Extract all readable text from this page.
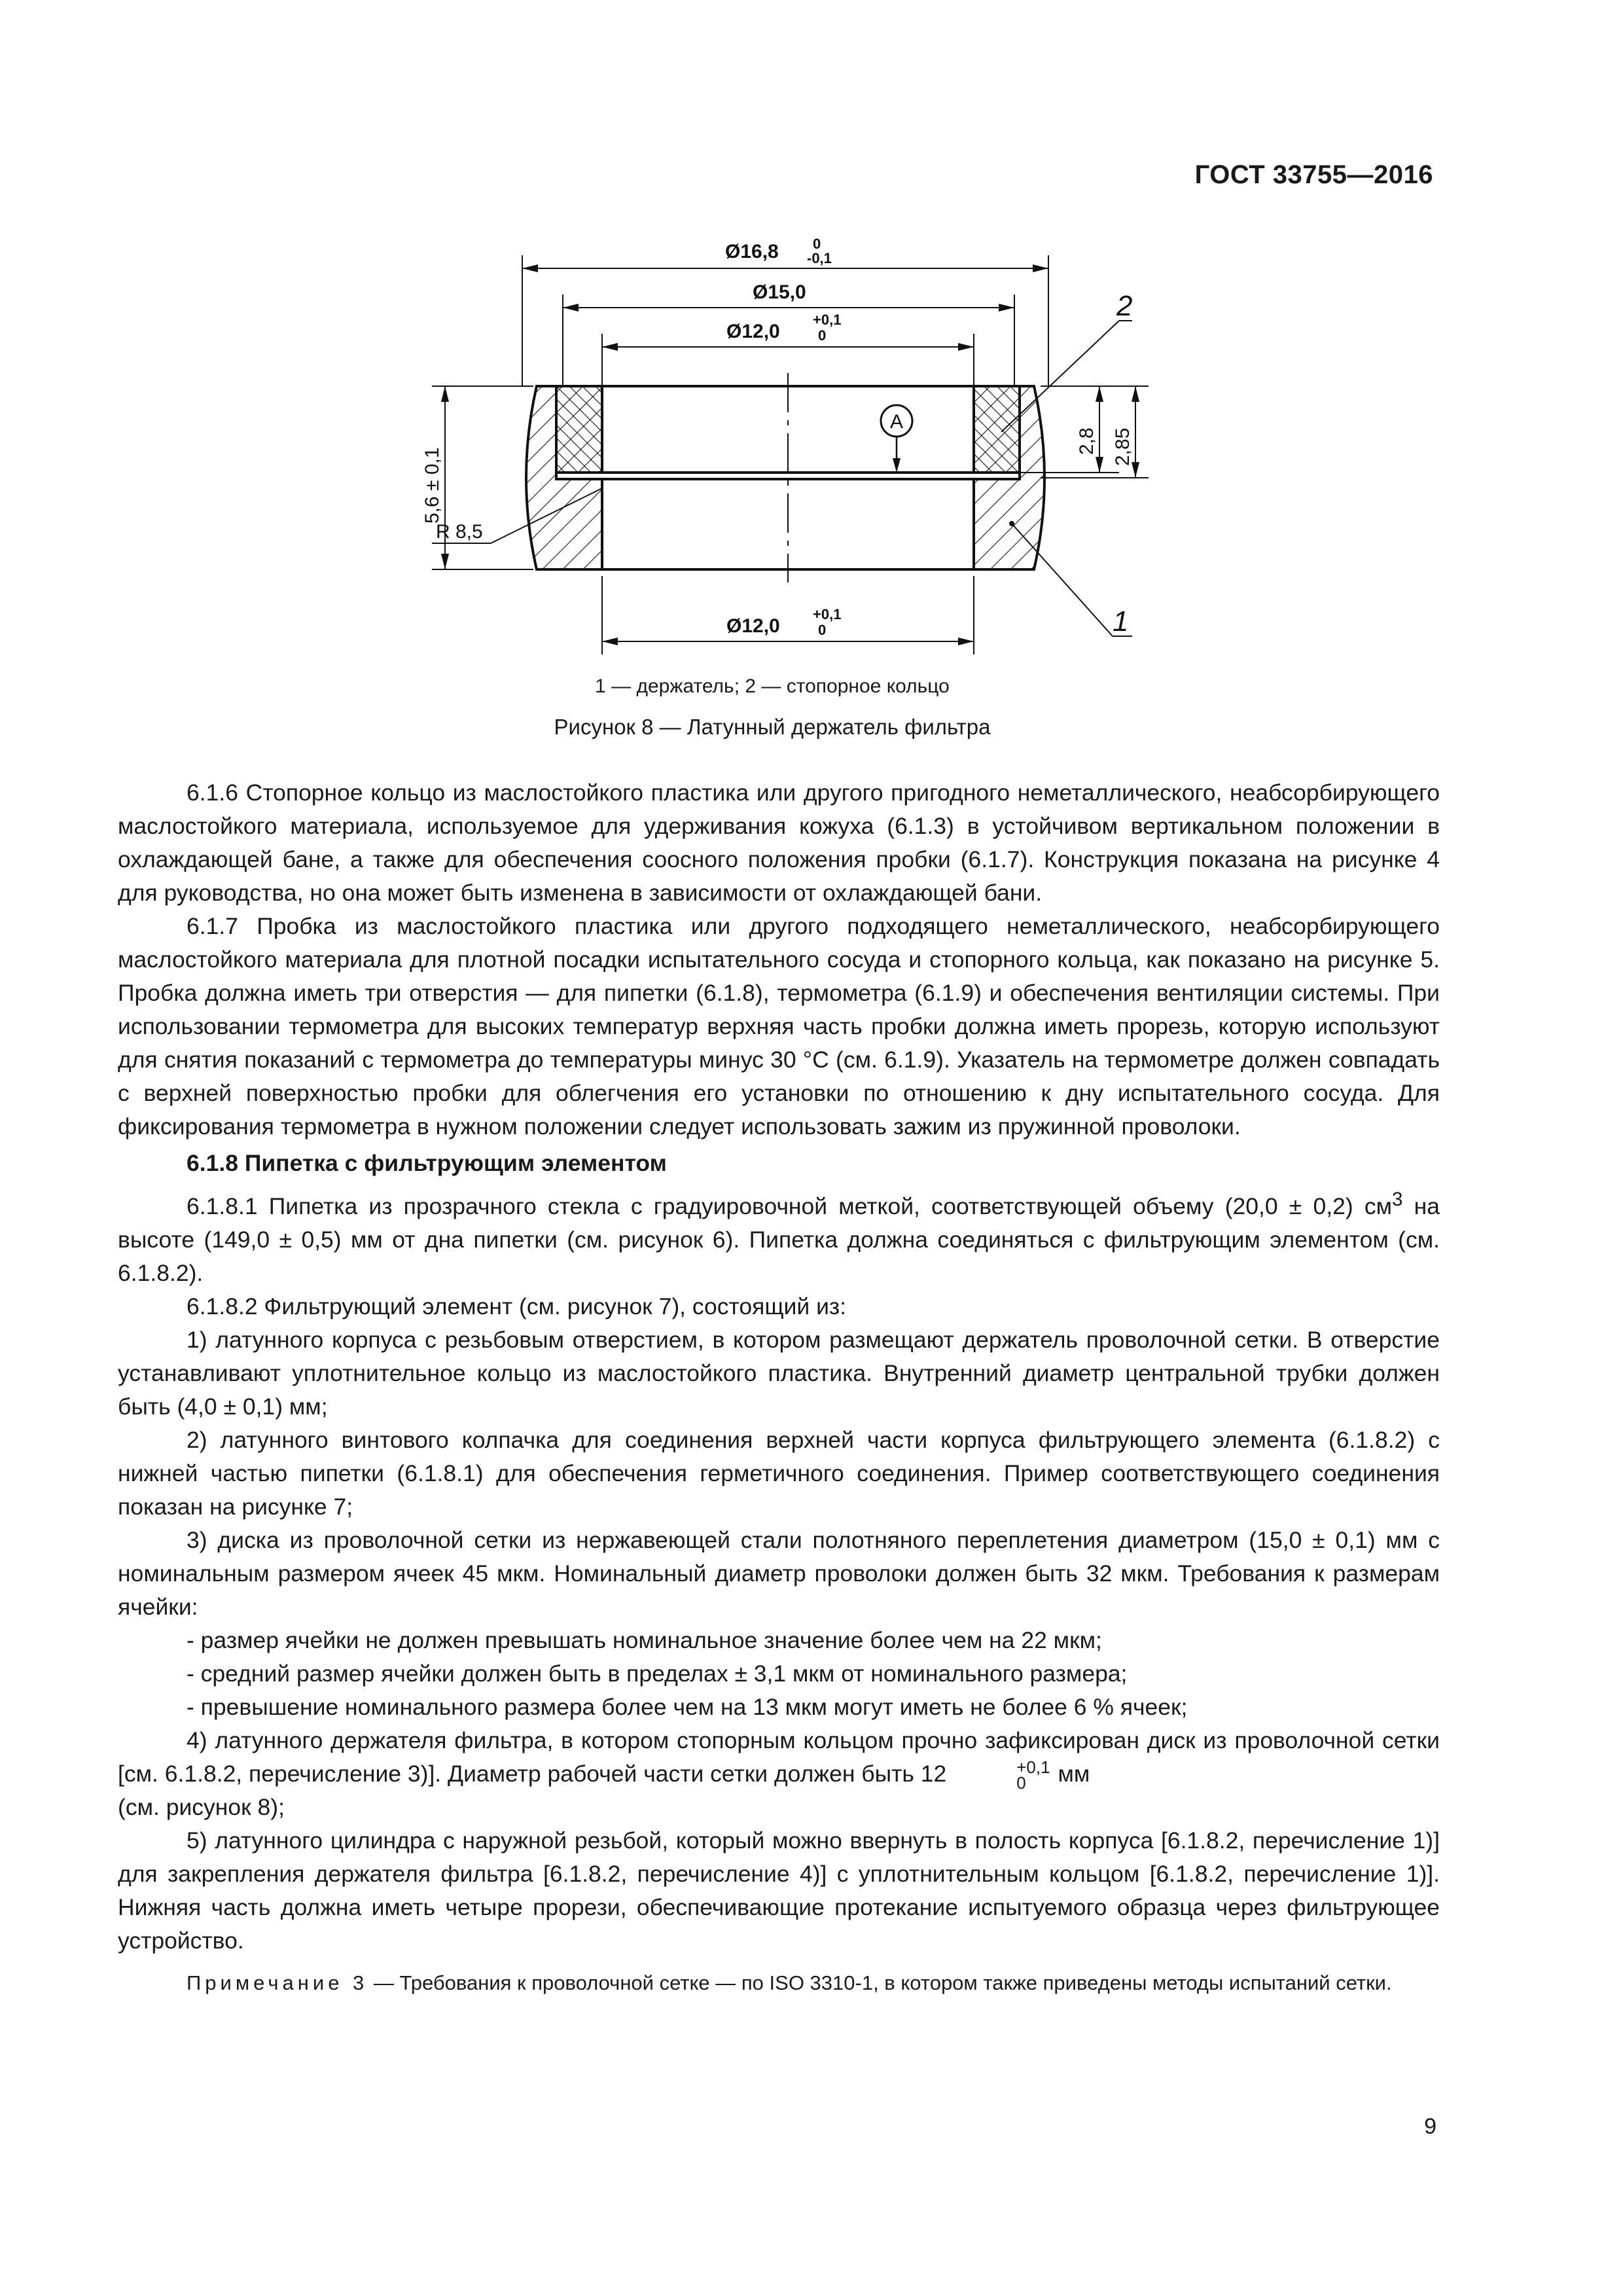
ГОСТ 33755—2016
A
Ø16,8 0
-0,1
Ø15,0
Ø12,0
+0,1
0
Ø12,0
+0,1
0
5,6 ± 0,1
2,8 2,85
R 8,5
2
1
1 — держатель; 2 — стопорное кольцо
Рисунок 8 — Латунный держатель фильтра

6.1.6 Стопорное кольцо из маслостойкого пластика или другого пригодного неметаллического, неабсорбирующего маслостойкого материала, используемое для удерживания кожуха (6.1.3) в устойчивом вертикальном положении в охлаждающей бане, а также для обеспечения соосного положения пробки (6.1.7). Конструкция показана на рисунке 4 для руководства, но она может быть изменена в зависимости от охлаждающей бани.

6.1.7 Пробка из маслостойкого пластика или другого подходящего неметаллического, неабсорбирующего маслостойкого материала для плотной посадки испытательного сосуда и стопорного кольца, как показано на рисунке 5. Пробка должна иметь три отверстия — для пипетки (6.1.8), термометра (6.1.9) и обеспечения вентиляции системы. При использовании термометра для высоких температур верхняя часть пробки должна иметь прорезь, которую используют для снятия показаний с термометра до температуры минус 30 °С (см. 6.1.9). Указатель на термометре должен совпадать с верхней поверхностью пробки для облегчения его установки по отношению к дну испытательного сосуда. Для фиксирования термометра в нужном положении следует использовать зажим из пружинной проволоки.

6.1.8 Пипетка с фильтрующим элементом

6.1.8.1 Пипетка из прозрачного стекла с градуировочной меткой, соответствующей объему (20,0 ± 0,2) $см^3$ на высоте (149,0 ± 0,5) мм от дна пипетки (см. рисунок 6). Пипетка должна соединяться с фильтрующим элементом (см. 6.1.8.2).

6.1.8.2 Фильтрующий элемент (см. рисунок 7), состоящий из:

1) латунного корпуса с резьбовым отверстием, в котором размещают держатель проволочной сетки. В отверстие устанавливают уплотнительное кольцо из маслостойкого пластика. Внутренний диаметр центральной трубки должен быть (4,0 ± 0,1) мм;

2) латунного винтового колпачка для соединения верхней части корпуса фильтрующего элемента (6.1.8.2) с нижней частью пипетки (6.1.8.1) для обеспечения герметичного соединения. Пример соответствующего соединения показан на рисунке 7;

3) диска из проволочной сетки из нержавеющей стали полотняного переплетения диаметром (15,0 ± 0,1) мм с номинальным размером ячеек 45 мкм. Номинальный диаметр проволоки должен быть 32 мкм. Требования к размерам ячейки:

- размер ячейки не должен превышать номинальное значение более чем на 22 мкм;

- средний размер ячейки должен быть в пределах ± 3,1 мкм от номинального размера;

- превышение номинального размера более чем на 13 мкм могут иметь не более 6 % ячеек;

4) латунного держателя фильтра, в котором стопорным кольцом прочно зафиксирован диск из проволочной сетки [см. 6.1.8.2, перечисление 3)]. Диаметр рабочей части сетки должен быть 12	+0,1
0	мм

(см. рисунок 8);

5) латунного цилиндра с наружной резьбой, который можно ввернуть в полость корпуса [6.1.8.2, перечисление 1)] для закрепления держателя фильтра [6.1.8.2, перечисление 4)] с уплотнительным кольцом [6.1.8.2, перечисление 1)]. Нижняя часть должна иметь четыре прорези, обеспечивающие протекание испытуемого образца через фильтрующее устройство.

Примечание 3 — Требования к проволочной сетке — по ISO 3310-1, в котором также приведены методы испытаний сетки.
9
